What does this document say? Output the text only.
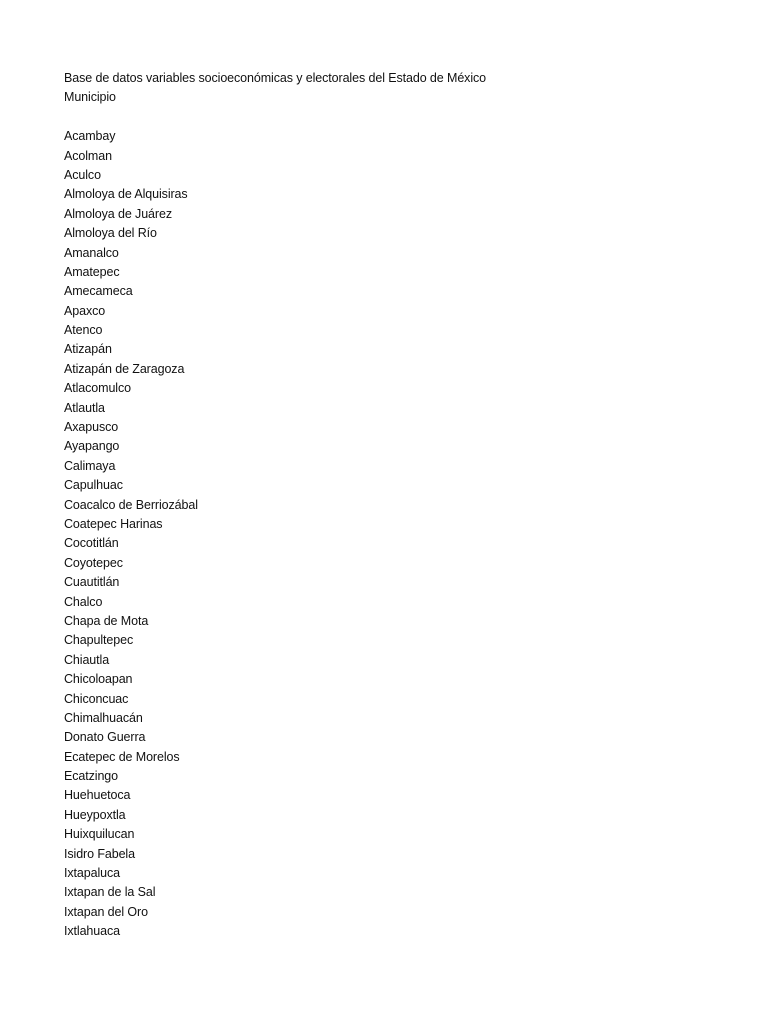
Base de datos variables socioeconómicas y electorales del Estado de México
Municipio
Acambay
Acolman
Aculco
Almoloya de Alquisiras
Almoloya de Juárez
Almoloya del Río
Amanalco
Amatepec
Amecameca
Apaxco
Atenco
Atizapán
Atizapán de Zaragoza
Atlacomulco
Atlautla
Axapusco
Ayapango
Calimaya
Capulhuac
Coacalco de Berriozábal
Coatepec Harinas
Cocotitlán
Coyotepec
Cuautitlán
Chalco
Chapa de Mota
Chapultepec
Chiautla
Chicoloapan
Chiconcuac
Chimalhuacán
Donato Guerra
Ecatepec de Morelos
Ecatzingo
Huehuetoca
Hueypoxtla
Huixquilucan
Isidro Fabela
Ixtapaluca
Ixtapan de la Sal
Ixtapan del Oro
Ixtlahuaca
